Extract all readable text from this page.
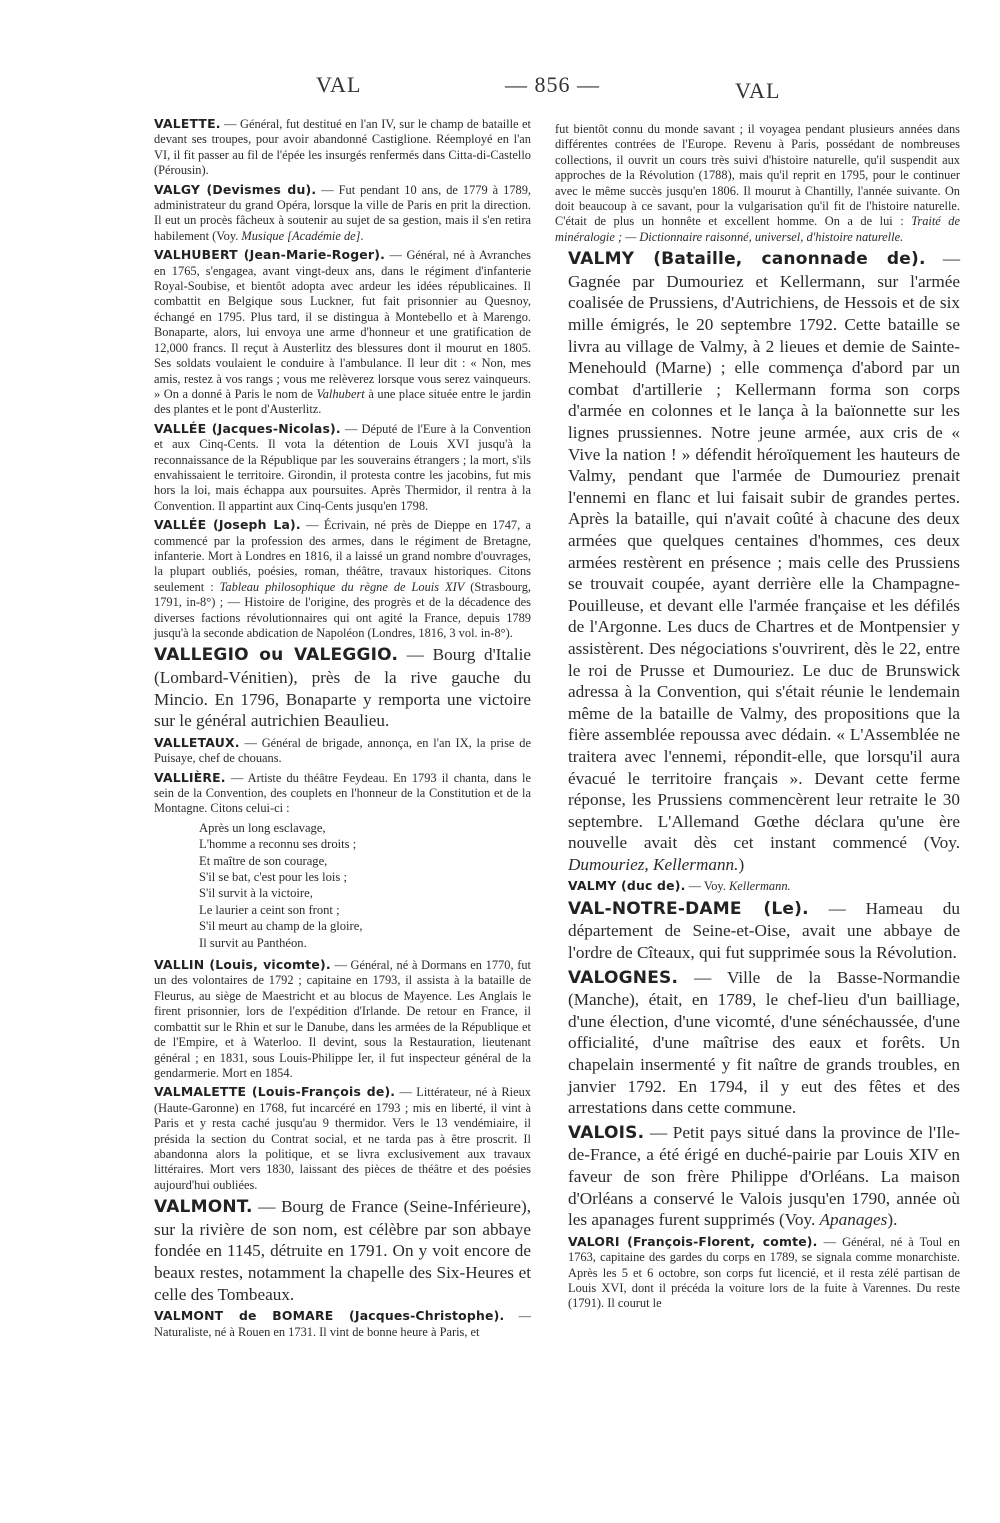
VAL	— 856 —	VAL
VALETTE. — Général, fut destitué en l'an IV, sur le champ de bataille et devant ses troupes, pour avoir abandonné Castiglione. Réemployé en l'an VI, il fit passer au fil de l'épée les insurgés renfermés dans Citta-di-Castello (Pérousin).
VALGY (Devismes du). — Fut pendant 10 ans, de 1779 à 1789, administrateur du grand Opéra, lorsque la ville de Paris en prit la direction. Il eut un procès fâcheux à soutenir au sujet de sa gestion, mais il s'en retira habilement (Voy. Musique [Académie de].
VALHUBERT (Jean-Marie-Roger). — Général, né à Avranches en 1765, s'engagea, avant vingt-deux ans, dans le régiment d'infanterie Royal-Soubise, et bientôt adopta avec ardeur les idées républicaines. Il combattit en Belgique sous Luckner, fut fait prisonnier au Quesnoy, échangé en 1795. Plus tard, il se distingua à Montebello et à Marengo. Bonaparte, alors, lui envoya une arme d'honneur et une gratification de 12,000 francs. Il reçut à Austerlitz des blessures dont il mourut en 1805. Ses soldats voulaient le conduire à l'ambulance. Il leur dit : « Non, mes amis, restez à vos rangs ; vous me relèverez lorsque vous serez vainqueurs. » On a donné à Paris le nom de Valhubert à une place située entre le jardin des plantes et le pont d'Austerlitz.
VALLÉE (Jacques-Nicolas). — Député de l'Eure à la Convention et aux Cinq-Cents. Il vota la détention de Louis XVI jusqu'à la reconnaissance de la République par les souverains étrangers ; la mort, s'ils envahissaient le territoire. Girondin, il protesta contre les jacobins, fut mis hors la loi, mais échappa aux poursuites. Après Thermidor, il rentra à la Convention. Il appartint aux Cinq-Cents jusqu'en 1798.
VALLÉE (Joseph La). — Écrivain, né près de Dieppe en 1747, a commencé par la profession des armes, dans le régiment de Bretagne, infanterie. Mort à Londres en 1816, il a laissé un grand nombre d'ouvrages, la plupart oubliés, poésies, roman, théâtre, travaux historiques. Citons seulement : Tableau philosophique du règne de Louis XIV (Strasbourg, 1791, in-8°) ; — Histoire de l'origine, des progrès et de la décadence des diverses factions révolutionnaires qui ont agité la France, depuis 1789 jusqu'à la seconde abdication de Napoléon (Londres, 1816, 3 vol. in-8°).
VALLEGIO ou VALEGGIO. — Bourg d'Italie (Lombard-Vénitien), près de la rive gauche du Mincio. En 1796, Bonaparte y remporta une victoire sur le général autrichien Beaulieu.
VALLETAUX. — Général de brigade, annonça, en l'an IX, la prise de Puisaye, chef de chouans.
VALLIÈRE. — Artiste du théâtre Feydeau. En 1793 il chanta, dans le sein de la Convention, des couplets en l'honneur de la Constitution et de la Montagne. Citons celui-ci :
Après un long esclavage,
L'homme a reconnu ses droits ;
Et maître de son courage,
S'il se bat, c'est pour les lois ;
S'il survit à la victoire,
Le laurier a ceint son front ;
S'il meurt au champ de la gloire,
Il survit au Panthéon.
VALLIN (Louis, vicomte). — Général, né à Dormans en 1770, fut un des volontaires de 1792 ; capitaine en 1793, il assista à la bataille de Fleurus, au siège de Maestricht et au blocus de Mayence. Les Anglais le firent prisonnier, lors de l'expédition d'Irlande. De retour en France, il combattit sur le Rhin et sur le Danube, dans les armées de la République et de l'Empire, et à Waterloo. Il devint, sous la Restauration, lieutenant général ; en 1831, sous Louis-Philippe Ier, il fut inspecteur général de la gendarmerie. Mort en 1854.
VALMALETTE (Louis-François de). — Littérateur, né à Rieux (Haute-Garonne) en 1768, fut incarcéré en 1793 ; mis en liberté, il vint à Paris et y resta caché jusqu'au 9 thermidor. Vers le 13 vendémiaire, il présida la section du Contrat social, et ne tarda pas à être proscrit. Il abandonna alors la politique, et se livra exclusivement aux travaux littéraires. Mort vers 1830, laissant des pièces de théâtre et des poésies aujourd'hui oubliées.
VALMONT. — Bourg de France (Seine-Inférieure), sur la rivière de son nom, est célèbre par son abbaye fondée en 1145, détruite en 1791. On y voit encore de beaux restes, notamment la chapelle des Six-Heures et celle des Tombeaux.
VALMONT de BOMARE (Jacques-Christophe). — Naturaliste, né à Rouen en 1731. Il vint de bonne heure à Paris, et
fut bientôt connu du monde savant ; il voyagea pendant plusieurs années dans différentes contrées de l'Europe. Revenu à Paris, possédant de nombreuses collections, il ouvrit un cours très suivi d'histoire naturelle, qu'il suspendit aux approches de la Révolution (1788), mais qu'il reprit en 1795, pour le continuer avec le même succès jusqu'en 1806. Il mourut à Chantilly, l'année suivante. On doit beaucoup à ce savant, pour la vulgarisation qu'il fit de l'histoire naturelle. C'était de plus un honnête et excellent homme. On a de lui : Traité de minéralogie ; — Dictionnaire raisonné, universel, d'histoire naturelle.
VALMY (Bataille, canonnade de). — Gagnée par Dumouriez et Kellermann, sur l'armée coalisée de Prussiens, d'Autrichiens, de Hessois et de six mille émigrés, le 20 septembre 1792. Cette bataille se livra au village de Valmy, à 2 lieues et demie de Sainte-Menehould (Marne) ; elle commença d'abord par un combat d'artillerie ; Kellermann forma son corps d'armée en colonnes et le lança à la baïonnette sur les lignes prussiennes. Notre jeune armée, aux cris de « Vive la nation ! » défendit héroïquement les hauteurs de Valmy, pendant que l'armée de Dumouriez prenait l'ennemi en flanc et lui faisait subir de grandes pertes. Après la bataille, qui n'avait coûté à chacune des deux armées que quelques centaines d'hommes, ces deux armées restèrent en présence ; mais celle des Prussiens se trouvait coupée, ayant derrière elle la Champagne-Pouilleuse, et devant elle l'armée française et les défilés de l'Argonne. Les ducs de Chartres et de Montpensier y assistèrent. Des négociations s'ouvrirent, dès le 22, entre le roi de Prusse et Dumouriez. Le duc de Brunswick adressa à la Convention, qui s'était réunie le lendemain même de la bataille de Valmy, des propositions que la fière assemblée repoussa avec dédain. « L'Assemblée ne traitera avec l'ennemi, répondit-elle, que lorsqu'il aura évacué le territoire français ». Devant cette ferme réponse, les Prussiens commencèrent leur retraite le 30 septembre. L'Allemand Gœthe déclara qu'une ère nouvelle avait dès cet instant commencé (Voy. Dumouriez, Kellermann.)
VALMY (duc de). — Voy. Kellermann.
VAL-NOTRE-DAME (Le). — Hameau du département de Seine-et-Oise, avait une abbaye de l'ordre de Cîteaux, qui fut supprimée sous la Révolution.
VALOGNES. — Ville de la Basse-Normandie (Manche), était, en 1789, le chef-lieu d'un bailliage, d'une élection, d'une vicomté, d'une sénéchaussée, d'une officialité, d'une maîtrise des eaux et forêts. Un chapelain insermenté y fit naître de grands troubles, en janvier 1792. En 1794, il y eut des fêtes et des arrestations dans cette commune.
VALOIS. — Petit pays situé dans la province de l'Ile-de-France, a été érigé en duché-pairie par Louis XIV en faveur de son frère Philippe d'Orléans. La maison d'Orléans a conservé le Valois jusqu'en 1790, année où les apanages furent supprimés (Voy. Apanages).
VALORI (François-Florent, comte). — Général, né à Toul en 1763, capitaine des gardes du corps en 1789, se signala comme monarchiste. Après les 5 et 6 octobre, son corps fut licencié, et il resta zélé partisan de Louis XVI, dont il précéda la voiture lors de la fuite à Varennes. Du reste (1791). Il courut le
